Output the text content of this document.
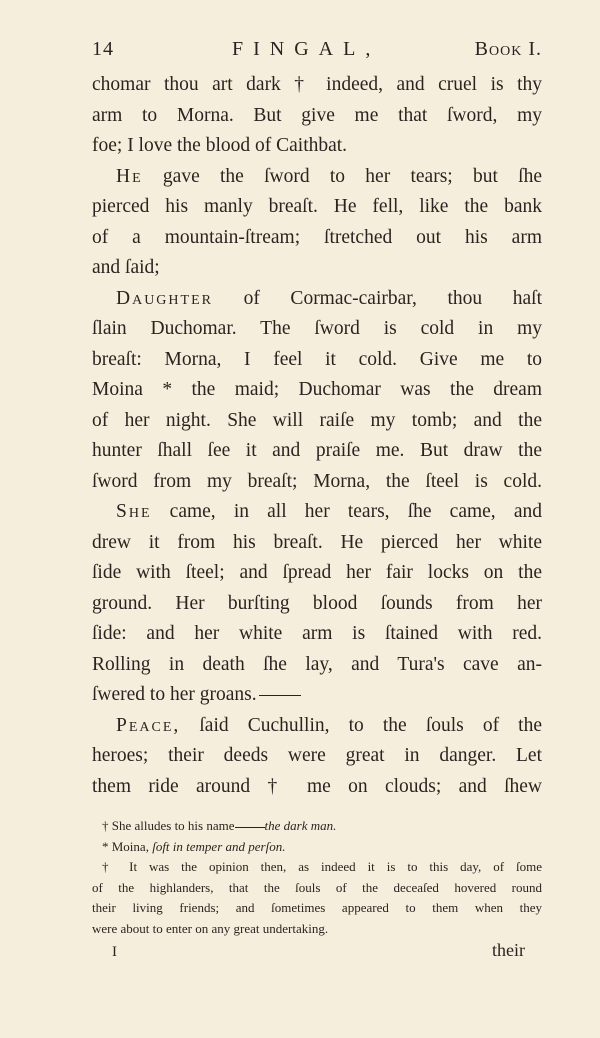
14	FINGAL,	Book I.
chomar thou art dark † indeed, and cruel is thy
arm to Morna. But give me that ſword, my
foe; I love the blood of Caithbat.
He gave the ſword to her tears; but ſhe
pierced his manly breaſt. He fell, like the bank
of a mountain-ſtream; ſtretched out his arm
and ſaid;
Daughter of Cormac-cairbar, thou haſt
ſlain Duchomar. The ſword is cold in my
breaſt: Morna, I feel it cold. Give me to
Moina * the maid; Duchomar was the dream
of her night. She will raiſe my tomb; and the
hunter ſhall ſee it and praiſe me. But draw the
ſword from my breaſt; Morna, the ſteel is cold.
She came, in all her tears, ſhe came, and
drew it from his breaſt. He pierced her white
ſide with ſteel; and ſpread her fair locks on the
ground. Her burſting blood ſounds from her
ſide: and her white arm is ſtained with red.
Rolling in death ſhe lay, and Tura's cave an-
ſwered to her groans.
Peace, ſaid Cuchullin, to the ſouls of the
heroes; their deeds were great in danger. Let
them ride around † me on clouds; and ſhew
† She alludes to his name the dark man.
* Moina, ſoft in temper and perſon.
† It was the opinion then, as indeed it is to this day, of ſome
of the highlanders, that the ſouls of the deceaſed hovered round
their living friends; and ſometimes appeared to them when they
were about to enter on any great undertaking.
I	their
